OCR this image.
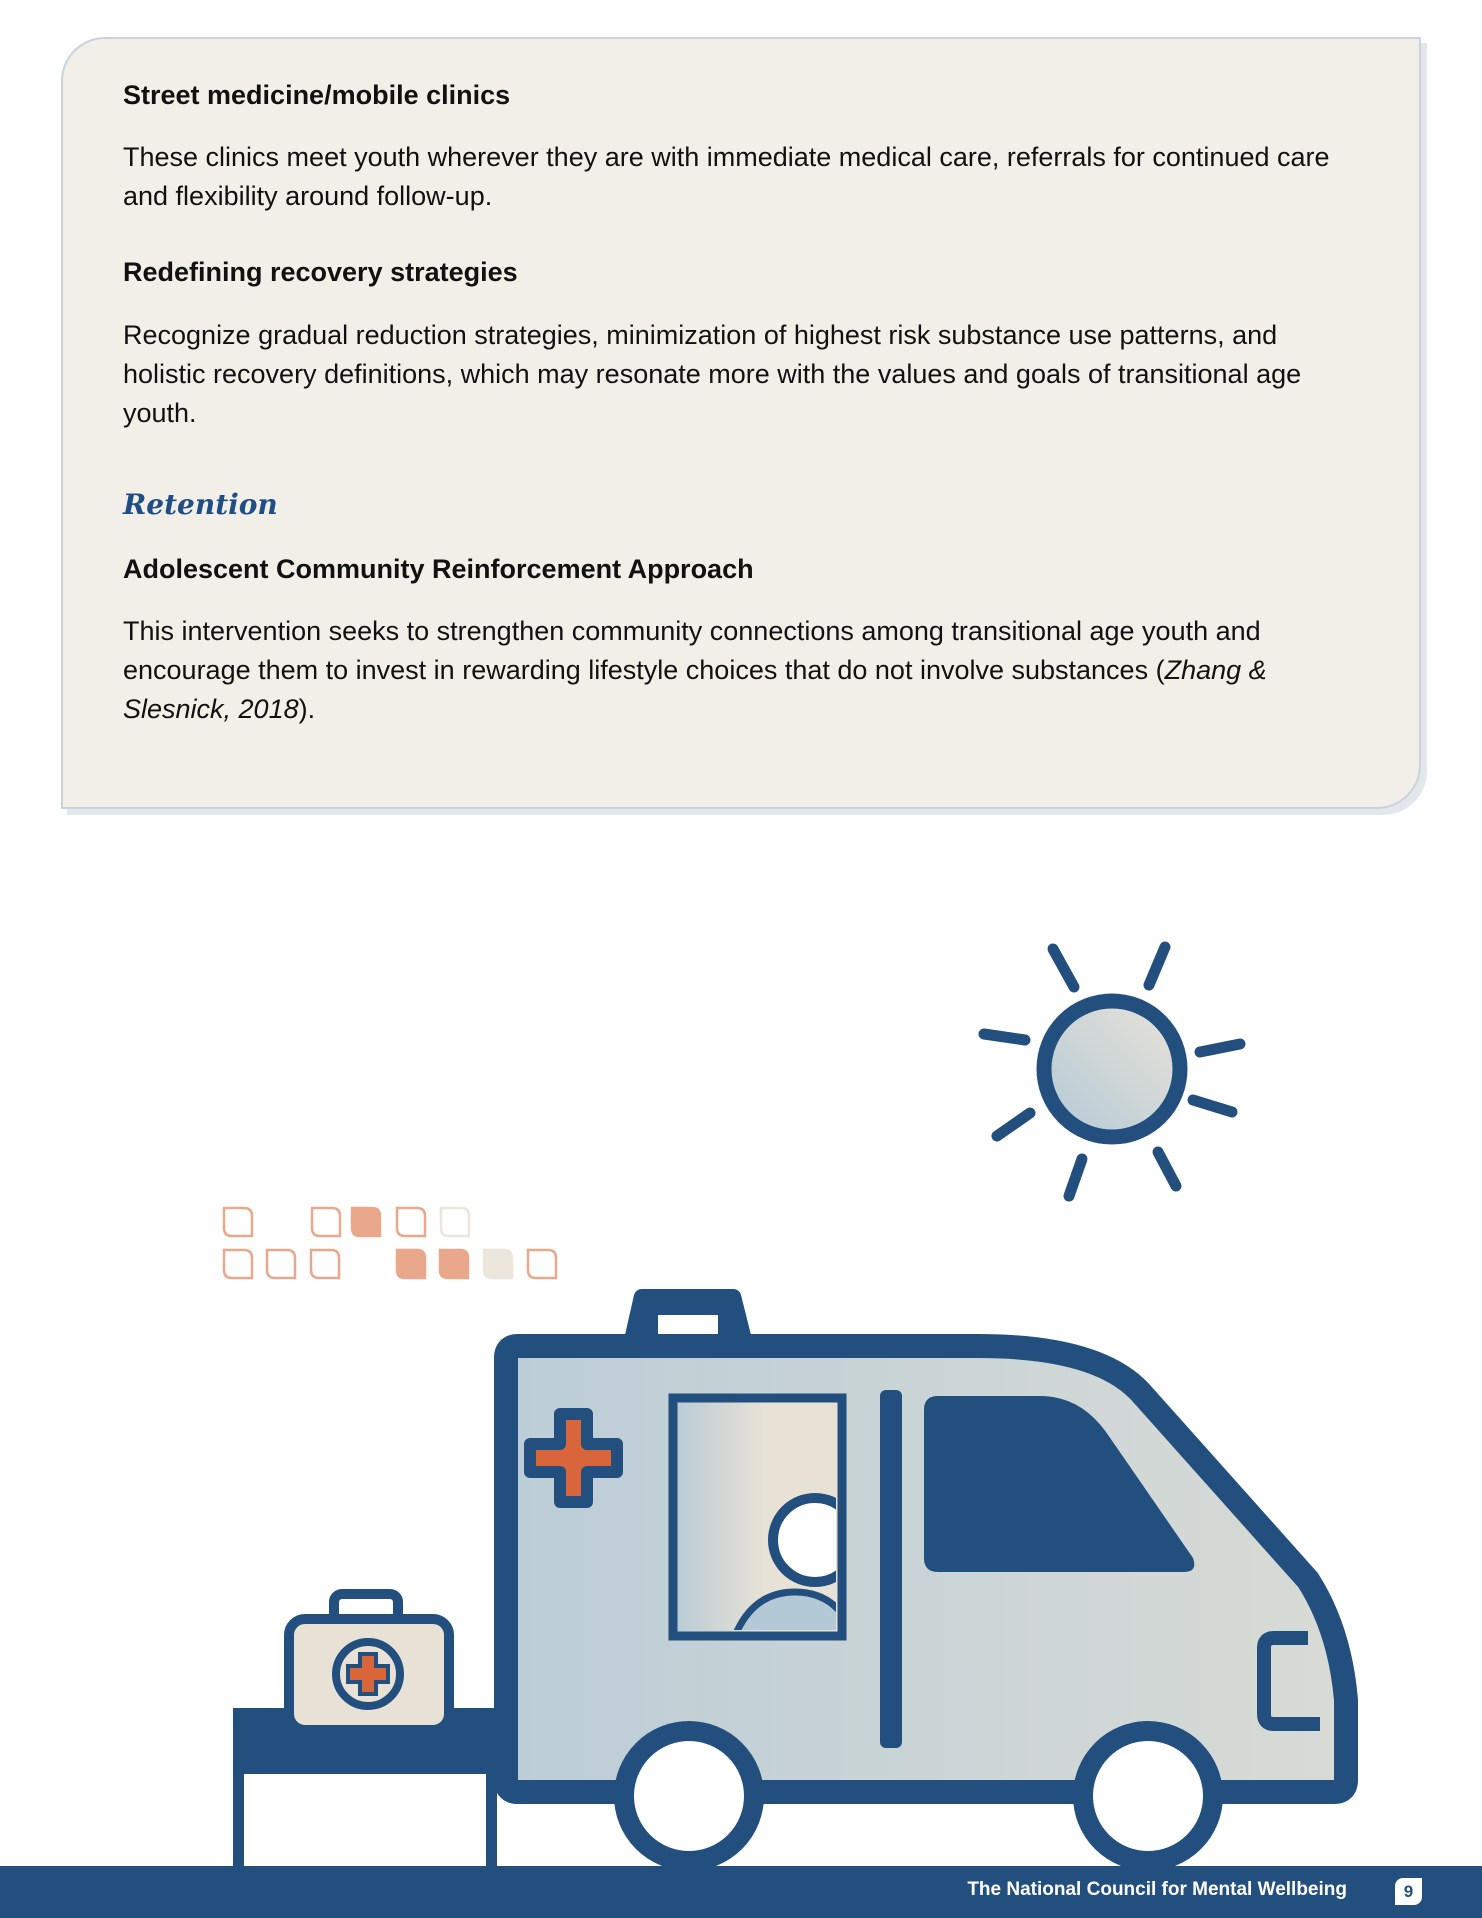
Street medicine/mobile clinics

These clinics meet youth wherever they are with immediate medical care, referrals for continued care and flexibility around follow-up.

Redefining recovery strategies

Recognize gradual reduction strategies, minimization of highest risk substance use patterns, and holistic recovery definitions, which may resonate more with the values and goals of transitional age youth.

Retention

Adolescent Community Reinforcement Approach

This intervention seeks to strengthen community connections among transitional age youth and encourage them to invest in rewarding lifestyle choices that do not involve substances (Zhang & Slesnick, 2018).

The National Council for Mental Wellbeing	9
